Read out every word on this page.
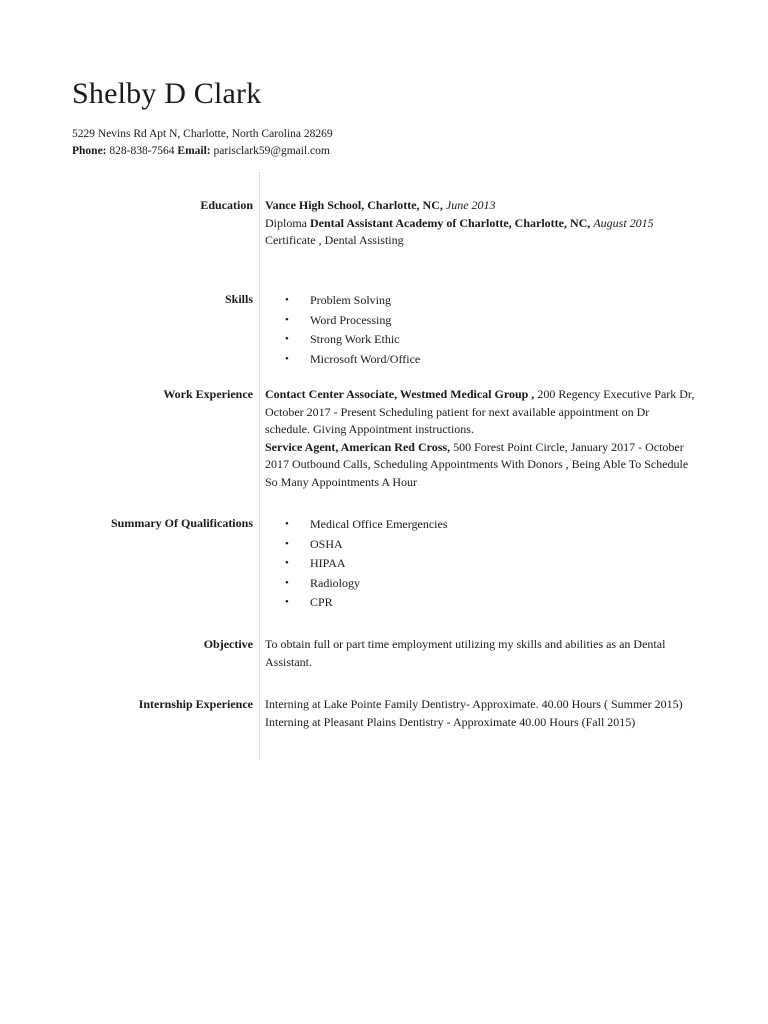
Shelby D Clark
5229 Nevins Rd Apt N, Charlotte, North Carolina 28269
Phone: 828-838-7564 Email: parisclark59@gmail.com
Education Vance High School, Charlotte, NC, June 2013
Diploma Dental Assistant Academy of Charlotte, Charlotte, NC, August 2015
Certificate , Dental Assisting
Skills	• Problem Solving
• Word Processing
• Strong Work Ethic
• Microsoft Word/Office
Work Experience Contact Center Associate, Westmed Medical Group , 200 Regency Executive Park Dr, October 2017 - Present Scheduling patient for next available appointment on Dr schedule. Giving Appointment instructions.
Service Agent, American Red Cross, 500 Forest Point Circle, January 2017 - October 2017 Outbound Calls, Scheduling Appointments With Donors , Being Able To Schedule So Many Appointments A Hour
Summary Of Qualifications	• Medical Office Emergencies
• OSHA
• HIPAA
• Radiology
• CPR
Objective To obtain full or part time employment utilizing my skills and abilities as an Dental Assistant.
Internship Experience Interning at Lake Pointe Family Dentistry- Approximate. 40.00 Hours ( Summer 2015)
Interning at Pleasant Plains Dentistry - Approximate 40.00 Hours (Fall 2015)
